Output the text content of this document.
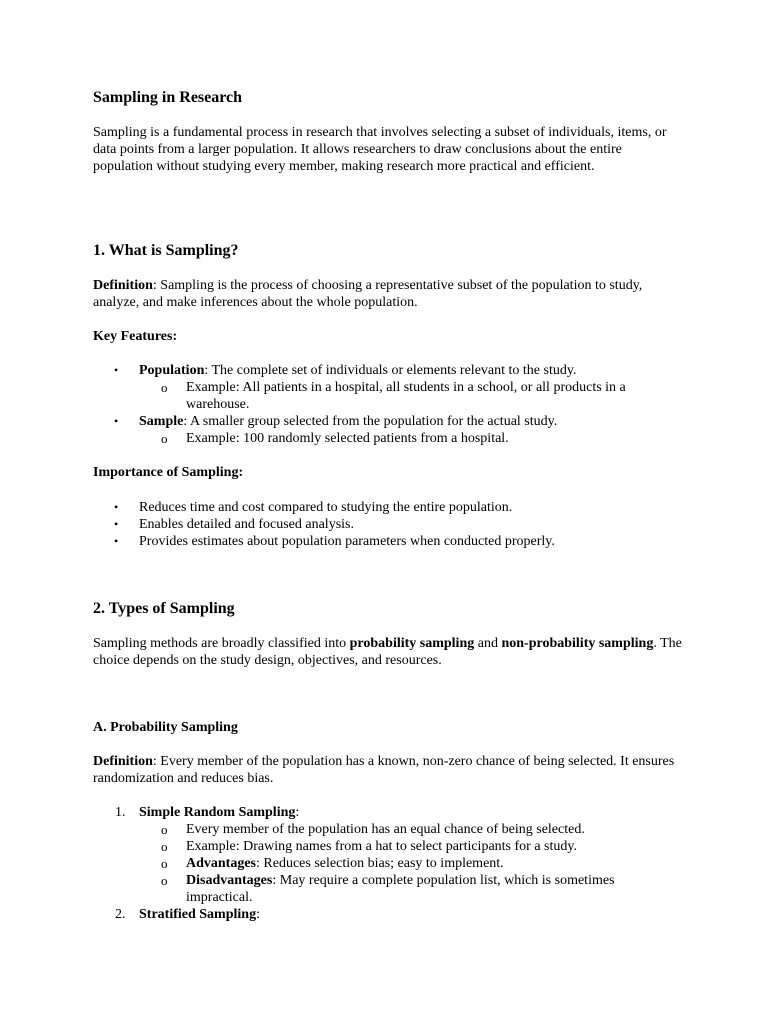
Sampling in Research

Sampling is a fundamental process in research that involves selecting a subset of individuals, items, or data points from a larger population. It allows researchers to draw conclusions about the entire population without studying every member, making research more practical and efficient.

1. What is Sampling?

Definition: Sampling is the process of choosing a representative subset of the population to study, analyze, and make inferences about the whole population.

Key Features:
• Population: The complete set of individuals or elements relevant to the study.
o Example: All patients in a hospital, all students in a school, or all products in a warehouse.
• Sample: A smaller group selected from the population for the actual study.
o Example: 100 randomly selected patients from a hospital.
Importance of Sampling:
• Reduces time and cost compared to studying the entire population.
• Enables detailed and focused analysis.
• Provides estimates about population parameters when conducted properly.
2. Types of Sampling

Sampling methods are broadly classified into probability sampling and non-probability sampling. The choice depends on the study design, objectives, and resources.

A. Probability Sampling

Definition: Every member of the population has a known, non-zero chance of being selected. It ensures randomization and reduces bias.

1. Simple Random Sampling:
o Every member of the population has an equal chance of being selected.
o Example: Drawing names from a hat to select participants for a study.
o Advantages: Reduces selection bias; easy to implement.
o Disadvantages: May require a complete population list, which is sometimes impractical.
2. Stratified Sampling:
